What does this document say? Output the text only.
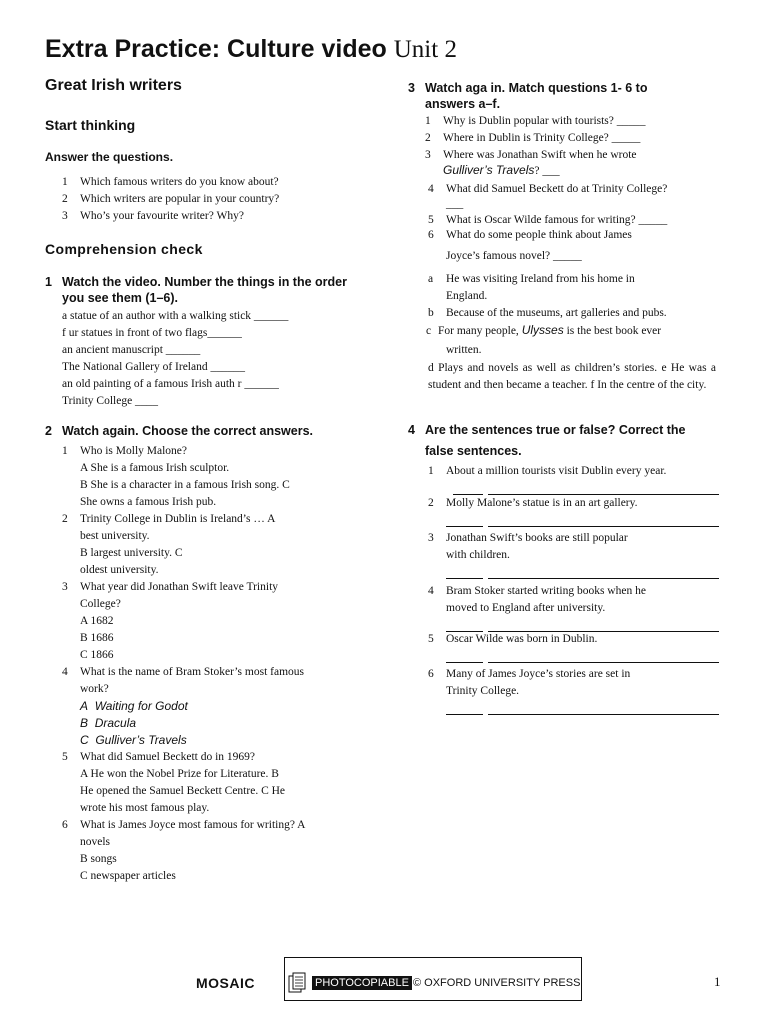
Extra Practice: Culture video Unit 2
Great Irish writers
Start thinking
Answer the questions.
1 Which famous writers do you know about?
2 Which writers are popular in your country?
3 Who’s your favourite writer? Why?
Comprehension check
1 Watch the video. Number the things in the order
you see them (1–6).
a statue of an author with a walking stick ______
f ur statues in front of two flags______
an ancient manuscript ______
The National Gallery of Ireland ______
an old painting of a famous Irish auth r ______
Trinity College ____
2 Watch again. Choose the correct answers.
1 Who is Molly Malone?
A She is a famous Irish sculptor.
B She is a character in a famous Irish song. C
She owns a famous Irish pub.
2 Trinity College in Dublin is Ireland’s … A
best university.
B largest university. C
oldest university.
3 What year did Jonathan Swift leave Trinity
College?
A 1682
B 1686
C 1866
4 What is the name of Bram Stoker’s most famous
work?
A Waiting for Godot
B Dracula
C Gulliver’s Travels
5 What did Samuel Beckett do in 1969?
A He won the Nobel Prize for Literature. B
He opened the Samuel Beckett Centre. C He
wrote his most famous play.
6 What is James Joyce most famous for writing? A
novels
B songs
C newspaper articles
3 Watch aga in. Match questions 1- 6 to
answers a–f.
1 Why is Dublin popular with tourists? _____
2 Where in Dublin is Trinity College? _____
3 Where was Jonathan Swift when he wrote
Gulliver’s Travels? ___
4 What did Samuel Beckett do at Trinity College?
___
5 What is Oscar Wilde famous for writing? _____
6 What do some people think about James
Joyce’s famous novel? _____
a He was visiting Ireland from his home in
England.
b Because of the museums, art galleries and pubs.
c For many people, Ulysses is the best book ever
written.
d Plays and novels as well as children’s stories. e He was a student and then became a teacher. f In the centre of the city.
4 Are the sentences true or false? Correct the
false sentences.
1 About a million tourists visit Dublin every year.
2 Molly Malone’s statue is in an art gallery.
3 Jonathan Swift’s books are still popular
with children.
4 Bram Stoker started writing books when he
moved to England after university.
5 Oscar Wilde was born in Dublin.
6 Many of James Joyce’s stories are set in
Trinity College.
MOSAIC	PHOTOCOPIABLE © OXFORD UNIVERSITY PRESS	1
